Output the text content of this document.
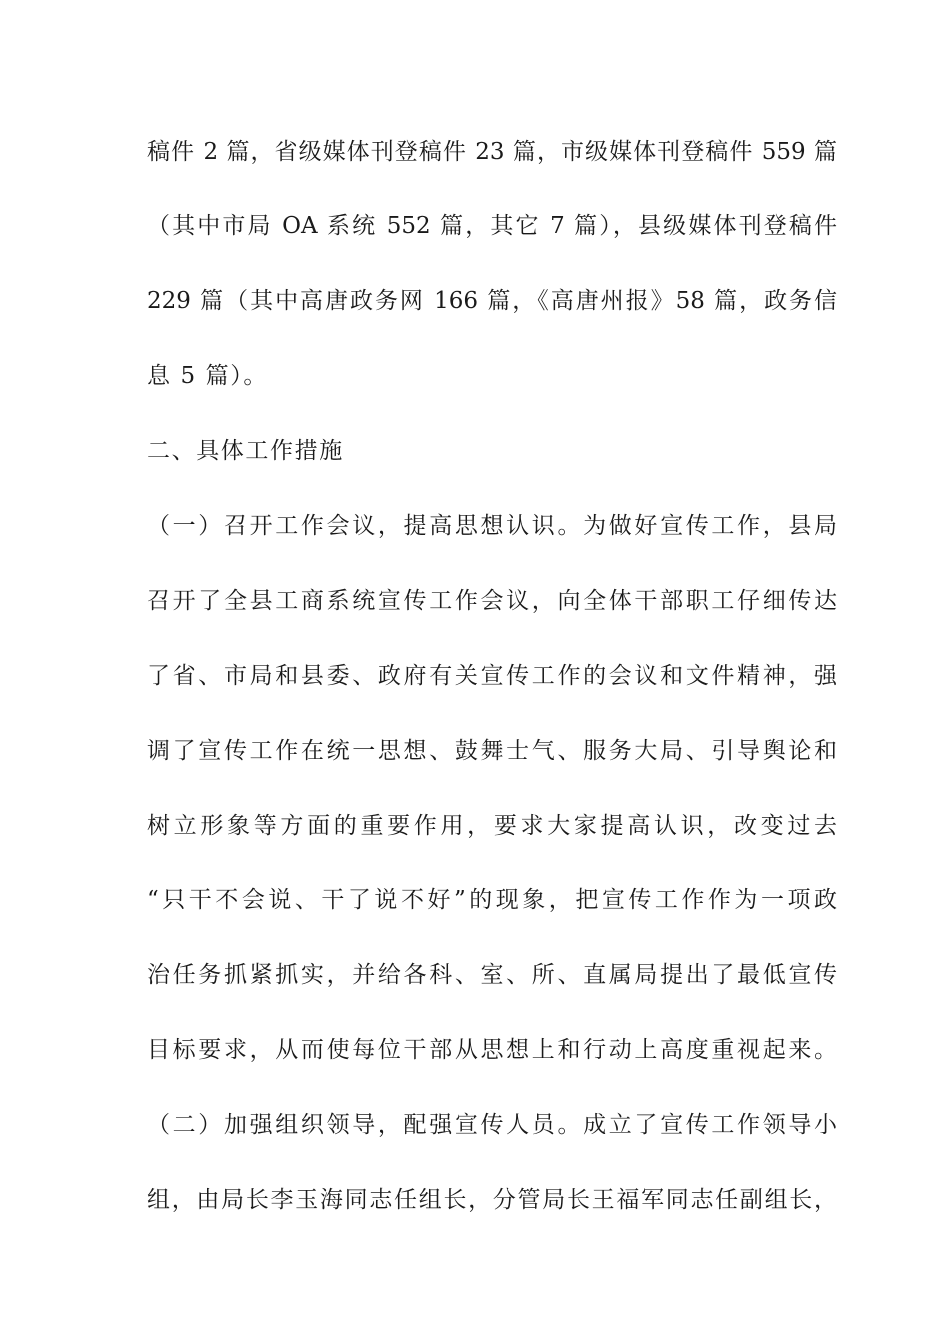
稿件 2 篇，省级媒体刊登稿件 23 篇，市级媒体刊登稿件 559 篇
（其中市局 OA 系统 552 篇，其它 7 篇），县级媒体刊登稿件
229 篇（其中高唐政务网 166 篇，《高唐州报》58 篇，政务信
息 5 篇）。
二、具体工作措施
（一）召开工作会议，提高思想认识。为做好宣传工作，县局
召开了全县工商系统宣传工作会议，向全体干部职工仔细传达
了省、市局和县委、政府有关宣传工作的会议和文件精神，强
调了宣传工作在统一思想、鼓舞士气、服务大局、引导舆论和
树立形象等方面的重要作用，要求大家提高认识，改变过去
“只干不会说、干了说不好”的现象，把宣传工作作为一项政
治任务抓紧抓实，并给各科、室、所、直属局提出了最低宣传
目标要求，从而使每位干部从思想上和行动上高度重视起来。
（二）加强组织领导，配强宣传人员。成立了宣传工作领导小
组，由局长李玉海同志任组长，分管局长王福军同志任副组长，
